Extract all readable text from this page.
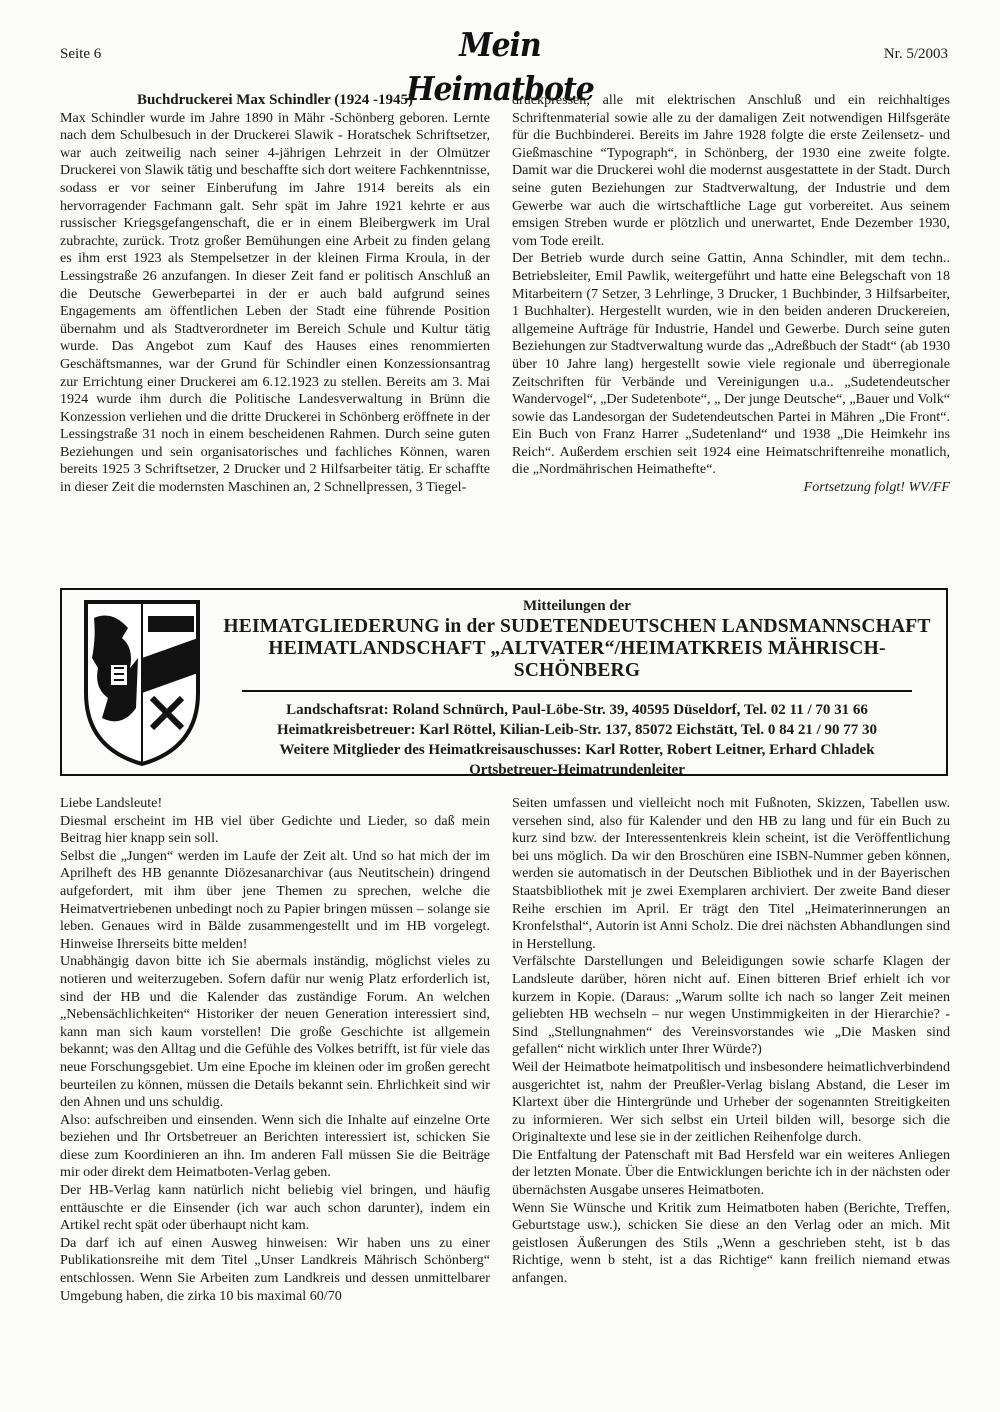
Seite 6	Mein Heimatbote
Nr. 5/2003

Buchdruckerei Max Schindler (1924 -1945)

Max Schindler wurde im Jahre 1890 in Mähr -Schönberg geboren. Lernte nach dem Schulbesuch in der Druckerei Slawik - Horatschek Schriftsetzer, war auch zeitweilig nach seiner 4-jährigen Lehrzeit in der Olmützer Druckerei von Slawik tätig und beschaffte sich dort weitere Fachkenntnisse, sodass er vor seiner Einberufung im Jahre 1914 bereits als ein hervorragender Fachmann galt. Sehr spät im Jahre 1921 kehrte er aus russischer Kriegsgefangenschaft, die er in einem Bleibergwerk im Ural zubrachte, zurück. Trotz großer Bemühungen eine Arbeit zu finden gelang es ihm erst 1923 als Stempelsetzer in der kleinen Firma Kroula, in der Lessingstraße 26 anzufangen. In dieser Zeit fand er politisch Anschluß an die Deutsche Gewerbepartei in der er auch bald aufgrund seines Engagements am öffentlichen Leben der Stadt eine führende Position übernahm und als Stadtverordneter im Bereich Schule und Kultur tätig wurde. Das Angebot zum Kauf des Hauses eines renommierten Geschäftsmannes, war der Grund für Schindler einen Konzessionsantrag zur Errichtung einer Druckerei am 6.12.1923 zu stellen. Bereits am 3. Mai 1924 wurde ihm durch die Politische Landesverwaltung in Brünn die Konzession verliehen und die dritte Druckerei in Schönberg eröffnete in der Lessingstraße 31 noch in einem bescheidenen Rahmen. Durch seine guten Beziehungen und sein organisatorisches und fachliches Können, waren bereits 1925 3 Schriftsetzer, 2 Drucker und 2 Hilfsarbeiter tätig. Er schaffte in dieser Zeit die modernsten Maschinen an, 2 Schnellpressen, 3 Tiegel-

druckpressen, alle mit elektrischen Anschluß und ein reichhaltiges Schriftenmaterial sowie alle zu der damaligen Zeit notwendigen Hilfsgeräte für die Buchbinderei. Bereits im Jahre 1928 folgte die erste Zeilensetz- und Gießmaschine “Typograph“, in Schönberg, der 1930 eine zweite folgte. Damit war die Druckerei wohl die modernst ausgestattete in der Stadt. Durch seine guten Beziehungen zur Stadtverwaltung, der Industrie und dem Gewerbe war auch die wirtschaftliche Lage gut vorbereitet. Aus seinem emsigen Streben wurde er plötzlich und unerwartet, Ende Dezember 1930, vom Tode ereilt.

Der Betrieb wurde durch seine Gattin, Anna Schindler, mit dem techn.. Betriebsleiter, Emil Pawlik, weitergeführt und hatte eine Belegschaft von 18 Mitarbeitern (7 Setzer, 3 Lehrlinge, 3 Drucker, 1 Buchbinder, 3 Hilfsarbeiter, 1 Buchhalter). Hergestellt wurden, wie in den beiden anderen Druckereien, allgemeine Aufträge für Industrie, Handel und Gewerbe. Durch seine guten Beziehungen zur Stadtverwaltung wurde das „Adreßbuch der Stadt“ (ab 1930 über 10 Jahre lang) hergestellt sowie viele regionale und überregionale Zeitschriften für Verbände und Vereinigungen u.a.. „Sudetendeutscher Wandervogel“, „Der Sudetenbote“, „ Der junge Deutsche“, „Bauer und Volk“ sowie das Landesorgan der Sudetendeutschen Partei in Mähren „Die Front“. Ein Buch von Franz Harrer „Sudetenland“ und 1938 „Die Heimkehr ins Reich“. Außerdem erschien seit 1924 eine Heimatschriftenreihe monatlich, die „Nordmährischen Heimathefte“.

Fortsetzung folgt! WV/FF

Mitteilungen der
HEIMATGLIEDERUNG in der SUDETENDEUTSCHEN LANDSMANNSCHAFT
HEIMATLANDSCHAFT „ALTVATER“/HEIMATKREIS MÄHRISCH-SCHÖNBERG
Landschaftsrat: Roland Schnürch, Paul-Löbe-Str. 39, 40595 Düseldorf, Tel. 02 11 / 70 31 66
Heimatkreisbetreuer: Karl Röttel, Kilian-Leib-Str. 137, 85072 Eichstätt, Tel. 0 84 21 / 90 77 30
Weitere Mitglieder des Heimatkreisauschusses: Karl Rotter, Robert Leitner, Erhard Chladek
Ortsbetreuer-Heimatrundenleiter

Liebe Landsleute!

Diesmal erscheint im HB viel über Gedichte und Lieder, so daß mein Beitrag hier knapp sein soll.

Selbst die „Jungen“ werden im Laufe der Zeit alt. Und so hat mich der im Aprilheft des HB genannte Diözesanarchivar (aus Neutitschein) dringend aufgefordert, mit ihm über jene Themen zu sprechen, welche die Heimatvertriebenen unbedingt noch zu Papier bringen müssen – solange sie leben. Genaues wird in Bälde zusammengestellt und im HB vorgelegt. Hinweise Ihrerseits bitte melden!

Unabhängig davon bitte ich Sie abermals inständig, möglichst vieles zu notieren und weiterzugeben. Sofern dafür nur wenig Platz erforderlich ist, sind der HB und die Kalender das zuständige Forum. An welchen „Nebensächlichkeiten“ Historiker der neuen Generation interessiert sind, kann man sich kaum vorstellen! Die große Geschichte ist allgemein bekannt; was den Alltag und die Gefühle des Volkes betrifft, ist für viele das neue Forschungsgebiet. Um eine Epoche im kleinen oder im großen gerecht beurteilen zu können, müssen die Details bekannt sein. Ehrlichkeit sind wir den Ahnen und uns schuldig.

Also: aufschreiben und einsenden. Wenn sich die Inhalte auf einzelne Orte beziehen und Ihr Ortsbetreuer an Berichten interessiert ist, schicken Sie diese zum Koordinieren an ihn. Im anderen Fall müssen Sie die Beiträge mir oder direkt dem Heimatboten-Verlag geben.

Der HB-Verlag kann natürlich nicht beliebig viel bringen, und häufig enttäuschte er die Einsender (ich war auch schon darunter), indem ein Artikel recht spät oder überhaupt nicht kam.

Da darf ich auf einen Ausweg hinweisen: Wir haben uns zu einer Publikationsreihe mit dem Titel „Unser Landkreis Mährisch Schönberg“ entschlossen. Wenn Sie Arbeiten zum Landkreis und dessen unmittelbarer Umgebung haben, die zirka 10 bis maximal 60/70

Seiten umfassen und vielleicht noch mit Fußnoten, Skizzen, Tabellen usw. versehen sind, also für Kalender und den HB zu lang und für ein Buch zu kurz sind bzw. der Interessentenkreis klein scheint, ist die Veröffentlichung bei uns möglich. Da wir den Broschüren eine ISBN-Nummer geben können, werden sie automatisch in der Deutschen Bibliothek und in der Bayerischen Staatsbibliothek mit je zwei Exemplaren archiviert. Der zweite Band dieser Reihe erschien im April. Er trägt den Titel „Heimaterinnerungen an Kronfelsthal“, Autorin ist Anni Scholz. Die drei nächsten Abhandlungen sind in Herstellung.

Verfälschte Darstellungen und Beleidigungen sowie scharfe Klagen der Landsleute darüber, hören nicht auf. Einen bitteren Brief erhielt ich vor kurzem in Kopie. (Daraus: „Warum sollte ich nach so langer Zeit meinen geliebten HB wechseln – nur wegen Unstimmigkeiten in der Hierarchie? - Sind „Stellungnahmen“ des Vereinsvorstandes wie „Die Masken sind gefallen“ nicht wirklich unter Ihrer Würde?)

Weil der Heimatbote heimatpolitisch und insbesondere heimatlichverbindend ausgerichtet ist, nahm der Preußler-Verlag bislang Abstand, die Leser im Klartext über die Hintergründe und Urheber der sogenannten Streitigkeiten zu informieren. Wer sich selbst ein Urteil bilden will, besorge sich die Originaltexte und lese sie in der zeitlichen Reihenfolge durch.

Die Entfaltung der Patenschaft mit Bad Hersfeld war ein weiteres Anliegen der letzten Monate. Über die Entwicklungen berichte ich in der nächsten oder übernächsten Ausgabe unseres Heimatboten.

Wenn Sie Wünsche und Kritik zum Heimatboten haben (Berichte, Treffen, Geburtstage usw.), schicken Sie diese an den Verlag oder an mich. Mit geistlosen Äußerungen des Stils „Wenn a geschrieben steht, ist b das Richtige, wenn b steht, ist a das Richtige“ kann freilich niemand etwas anfangen.
